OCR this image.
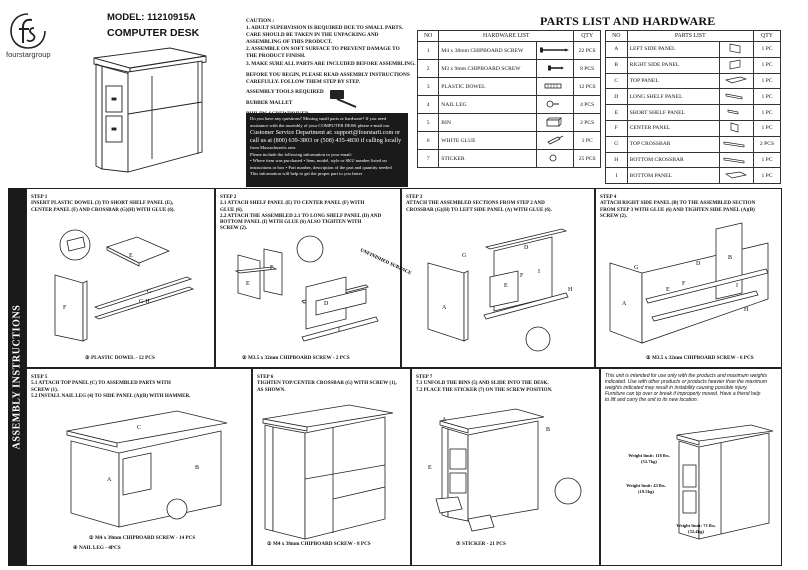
fourstargroup
MODEL: 11210915A
COMPUTER DESK
CAUTION :
1. ADULT SUPERVISION IS REQUIRED DUE TO SMALL PARTS.
CARE SHOULD BE TAKEN IN THE UNPACKING AND
ASSEMBLING OF THIS PRODUCT.
2. ASSEMBLE ON SOFT SURFACE TO PREVENT DAMAGE TO
THE PRODUCT FINISH.
3. MAKE SURE ALL PARTS ARE INCLUDED BEFORE ASSEMBLING.
BEFORE YOU BEGIN, PLEASE READ ASSEMBLY INSTRUCTIONS
CAREFULLY. FOLLOW THEM STEP BY STEP.
ASSEMBLY TOOLS REQUIRED
RUBBER MALLET
Do you have any questions? Missing small parts or hardware? If you need
assistance with the assembly of your COMPUTER DESK please e-mail our
Customer Service Department at: support@fourstarii.com or
call us at (800) 639-3803 or (508) 435-4830 if calling locally
from Massachusetts area
Please include the following information in your email:
• Where item was purchased • Item, model, style or SKU number listed on
instructions or box • Part number, description of the part and quantity needed
This information will help to get the proper part to you faster
PARTS LIST AND HARDWARE
NO	HARDWARE LIST		QTY
1	M4 x 38mm CHIPBOARD SCREW		22 PCS
2	M3 x 9mm CHIPBOARD SCREW		8 PCS
3	PLASTIC DOWEL		12 PCS
4	NAIL LEG		4 PCS
5	BIN		2 PCS
6	WHITE GLUE		1 PC
7	STICKER		25 PCS
NO	PARTS LIST		QTY
A	LEFT SIDE PANEL		1 PC
B	RIGHT SIDE PANEL		1 PC
C	TOP PANEL		1 PC
D	LONG SHELF PANEL		1 PC
E	SHORT SHELF PANEL		1 PC
F	CENTER PANEL		1 PC
G	TOP CROSSBAR		2 PCS
H	BOTTOM CROSSBAR		1 PC
I	BOTTOM PANEL		1 PC
ASSEMBLY INSTRUCTIONS
STEP 1
INSERT PLASTIC DOWEL (3) TO SHORT SHELF PANEL (E),
CENTER PANEL (F) AND CROSSBAR (G)(H) WITH GLUE (6).
E
F
G-H
G
③ PLASTIC DOWEL - 12 PCS
STEP 2
2.1 ATTACH SHELF PANEL (E) TO CENTER PANEL (F) WITH
GLUE (6).
2.2 ATTACH THE ASSEMBLED 2.1 TO LONG SHELF PANEL (D) AND
BOTTOM PANEL (I) WITH GLUE (6) ALSO TIGHTEN WITH
SCREW (2).
F
E
D
I
UNFINISHED SURFACE
② M3.5 x 32mm CHIPBOARD SCREW - 2 PCS
STEP 3
ATTACH THE ASSEMBLED SECTIONS FROM STEP 2 AND
CROSSBAR (G)(H) TO LEFT SIDE PANEL (A) WITH GLUE (6).
G
A
D
E
F
I
H
STEP 4
ATTACH RIGHT SIDE PANEL (B) TO THE ASSEMBLED SECTION
FROM STEP 3 WITH GLUE (6) AND TIGHTEN SIDE PANEL (A)(B)
SCREW (2).
A
B
D
E
F	I
H
G
② M3.5 x 32mm CHIPBOARD SCREW - 6 PCS
STEP 5
5.1 ATTACH TOP PANEL (C) TO ASSEMBLED PARTS WITH
SCREW (1).
5.2 INSTALL NAIL LEG (4) TO SIDE PANEL (A)(B) WITH HAMMER.
A
B
C
① M4 x 38mm CHIPBOARD SCREW - 14 PCS
④ NAIL LEG - 4PCS
STEP 6
TIGHTEN TOP/CENTER CROSSBAR (G) WITH SCREW (1),
AS SHOWN.
① M4 x 38mm CHIPBOARD SCREW - 8 PCS
STEP 7
7.1 UNFOLD THE BINS (5) AND SLIDE INTO THE DESK.
7.2 PLACE THE STICKER (7) ON THE SCREW POSITION.
E
A
B
⑦ STICKER - 21 PCS
This unit is intended for use only with the products and maximum weights
indicated. Use with other products or products heavier than the maximum
weights indicated may result in instability causing possible injury.
Furniture can tip over or break if improperly moved. Have a friend help
to lift and carry the unit to its new location.
Weight limit: 116 lbs.
(52.7kg)
Weight limit: 43 lbs.
(19.5kg)
Weight limit: 71 lbs.
(32.4kg)
